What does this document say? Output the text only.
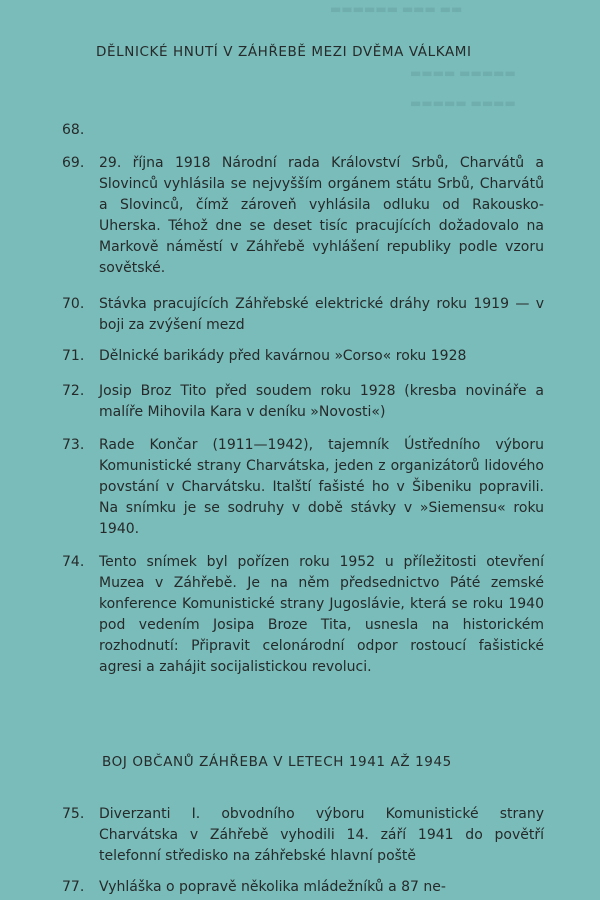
▬▬▬▬▬▬ ▬▬▬ ▬▬
▬▬▬▬ ▬▬▬▬▬
▬▬▬▬▬ ▬▬▬▬
DĚLNICKÉ HNUTÍ V ZÁHŘEBĚ MEZI DVĚMA VÁLKAMI
68.
69.	29. října 1918 Národní rada Království Srbů, Charvátů a Slovinců vyhlásila se nejvyšším orgánem státu Srbů, Charvátů a Slovinců, čímž zároveň vyhlásila odluku od Rakousko-Uherska. Téhož dne se deset tisíc pracujících dožadovalo na Markově náměstí v Záhřebě vyhlášení republiky podle vzoru sovětské.
70.	Stávka pracujících Záhřebské elektrické dráhy roku 1919 — v boji za zvýšení mezd
71.	Dělnické barikády před kavárnou »Corso« roku 1928
72.	Josip Broz Tito před soudem roku 1928 (kresba novináře a malíře Mihovila Kara v deníku »Novosti«)
73.	Rade Končar (1911—1942), tajemník Ústředního výboru Komunistické strany Charvátska, jeden z organizátorů lidového povstání v Charvátsku. Italští fašisté ho v Šibeniku popravili. Na snímku je se sodruhy v době stávky v »Siemensu« roku 1940.
74.	Tento snímek byl pořízen roku 1952 u příležitosti otevření Muzea v Záhřebě. Je na něm předsednictvo Páté zemské konference Komunistické strany Jugoslávie, která se roku 1940 pod vedením Josipa Broze Tita, usnesla na historickém rozhodnutí: Připravit celonárodní odpor rostoucí fašistické agresi a zahájit socijalistickou revoluci.
BOJ OBČANŮ ZÁHŘEBA V LETECH 1941 AŽ 1945
75.	Diverzanti I. obvodního výboru Komunistické strany Charvátska v Záhřebě vyhodili 14. září 1941 do povětří telefonní středisko na záhřebské hlavní poště
77.	Vyhláška o popravě několika mládežníků a 87 ne-
